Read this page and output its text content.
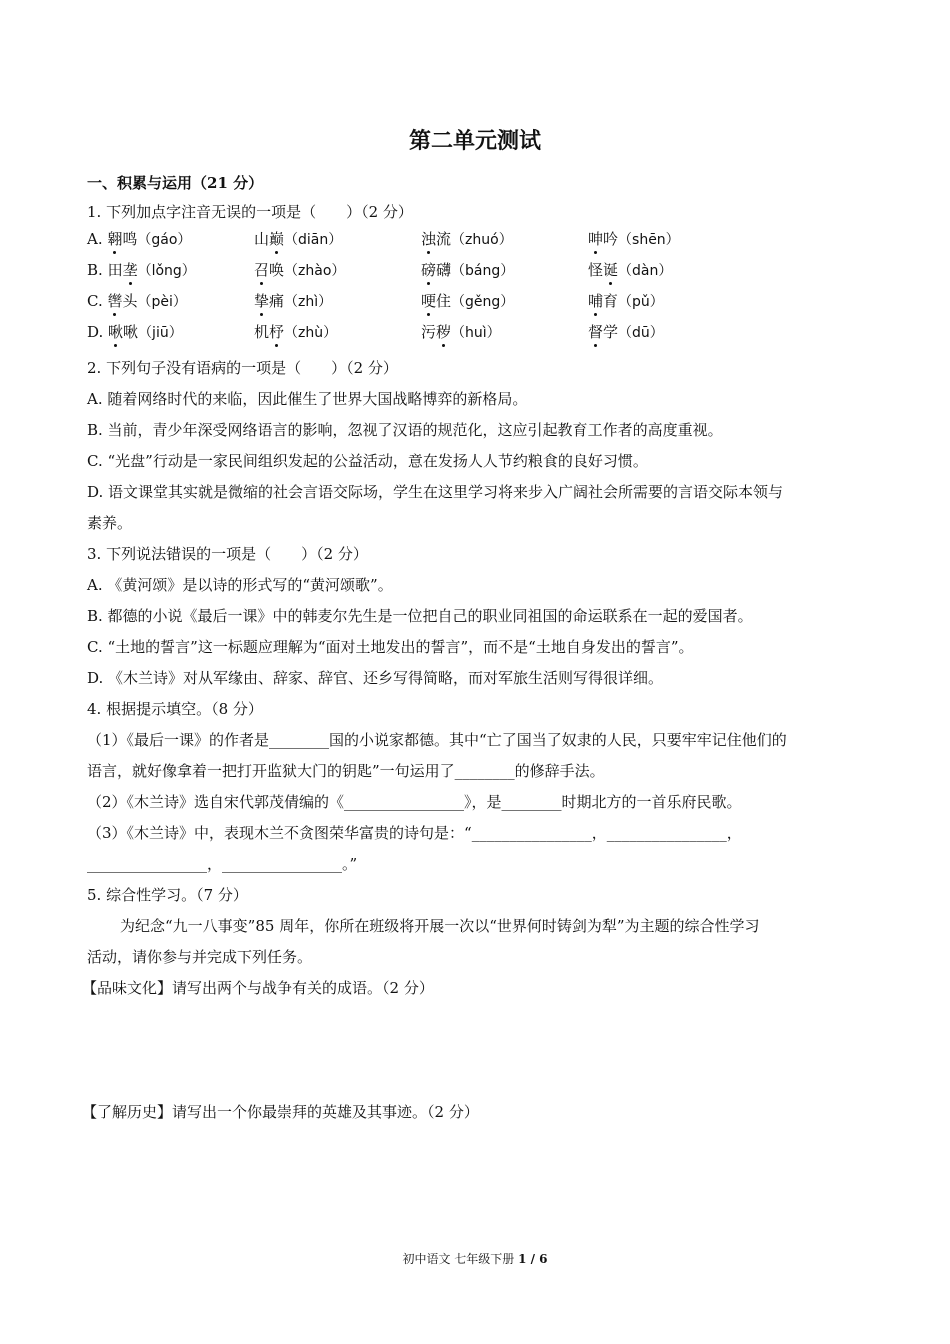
第二单元测试
一、积累与运用（21 分）
1. 下列加点字注音无误的一项是（　　）（2 分）
A. 翱鸣（gáo）	山巅（diān）	浊流（zhuó）	呻吟（shēn）
B. 田垄（lǒng）	召唤（zhào）	磅礴（báng）	怪诞（dàn）
C. 辔头（pèi）	挚痛（zhì）	哽住（gěng）	哺育（pǔ）
D. 啾啾（jiū）	机杼（zhù）	污秽（huì）	督学（dū）
2. 下列句子没有语病的一项是（　　）（2 分）
A. 随着网络时代的来临，因此催生了世界大国战略博弈的新格局。
B. 当前，青少年深受网络语言的影响，忽视了汉语的规范化，这应引起教育工作者的高度重视。
C. “光盘”行动是一家民间组织发起的公益活动，意在发扬人人节约粮食的良好习惯。
D. 语文课堂其实就是微缩的社会言语交际场，学生在这里学习将来步入广阔社会所需要的言语交际本领与
素养。
3. 下列说法错误的一项是（　　）（2 分）
A. 《黄河颂》是以诗的形式写的“黄河颂歌”。
B. 都德的小说《最后一课》中的韩麦尔先生是一位把自己的职业同祖国的命运联系在一起的爱国者。
C. “土地的誓言”这一标题应理解为“面对土地发出的誓言”，而不是“土地自身发出的誓言”。
D. 《木兰诗》对从军缘由、辞家、辞官、还乡写得简略，而对军旅生活则写得很详细。
4. 根据提示填空。（8 分）
（1）《最后一课》的作者是________国的小说家都德。其中“亡了国当了奴隶的人民，只要牢牢记住他们的
语言，就好像拿着一把打开监狱大门的钥匙”一句运用了________的修辞手法。
（2）《木兰诗》选自宋代郭茂倩编的《________________》，是________时期北方的一首乐府民歌。
（3）《木兰诗》中，表现木兰不贪图荣华富贵的诗句是：“________________，________________，
________________，________________。”
5. 综合性学习。（7 分）
为纪念“九一八事变”85 周年，你所在班级将开展一次以“世界何时铸剑为犁”为主题的综合性学习
活动，请你参与并完成下列任务。
【品味文化】请写出两个与战争有关的成语。（2 分）
【了解历史】请写出一个你最崇拜的英雄及其事迹。（2 分）
初中语文 七年级下册 1 / 6
